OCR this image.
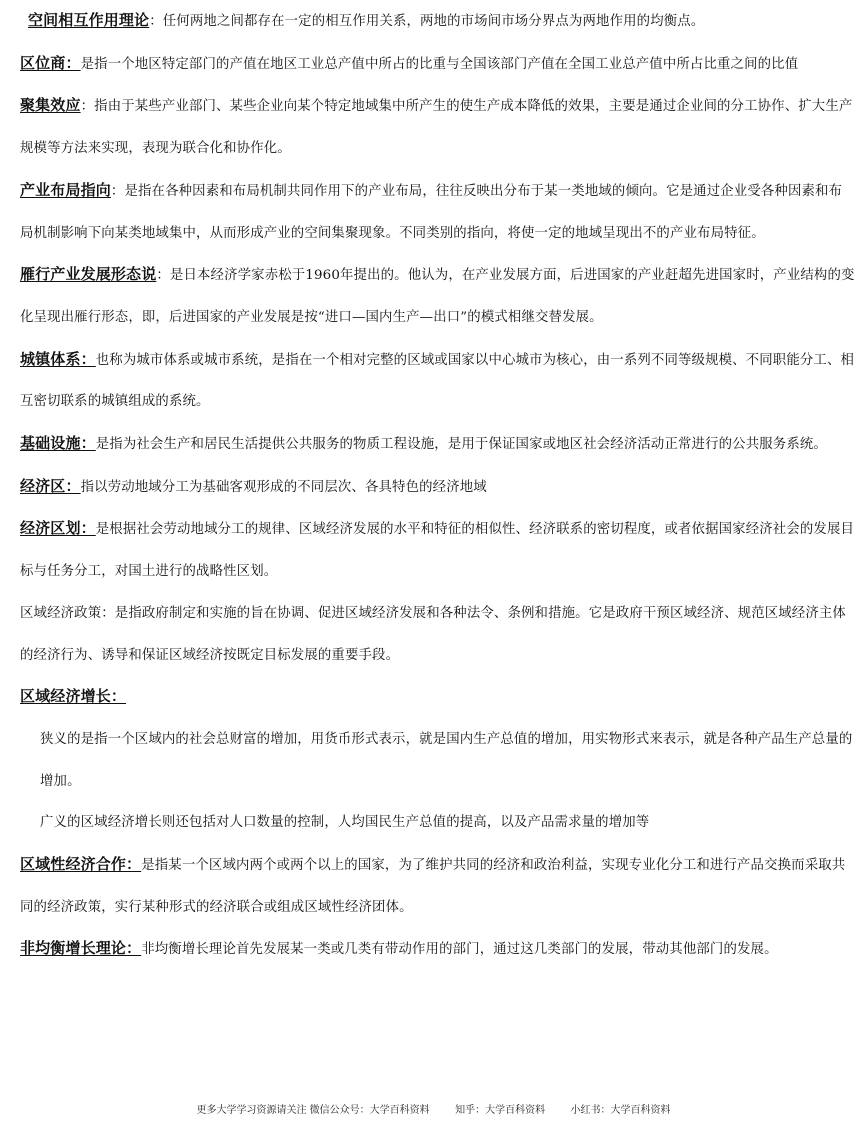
空间相互作用理论：任何两地之间都存在一定的相互作用关系，两地的市场间市场分界点为两地作用的均衡点。

区位商：是指一个地区特定部门的产值在地区工业总产值中所占的比重与全国该部门产值在全国工业总产值中所占比重之间的比值

聚集效应：指由于某些产业部门、某些企业向某个特定地域集中所产生的使生产成本降低的效果，主要是通过企业间的分工协作、扩大生产规模等方法来实现，表现为联合化和协作化。

产业布局指向：是指在各种因素和布局机制共同作用下的产业布局，往往反映出分布于某一类地域的倾向。它是通过企业受各种因素和布局机制影响下向某类地域集中，从而形成产业的空间集聚现象。不同类别的指向，将使一定的地域呈现出不的产业布局特征。

雁行产业发展形态说：是日本经济学家赤松于1960年提出的。他认为，在产业发展方面，后进国家的产业赶超先进国家时，产业结构的变化呈现出雁行形态，即，后进国家的产业发展是按“进口—国内生产—出口”的模式相继交替发展。

城镇体系：也称为城市体系或城市系统，是指在一个相对完整的区域或国家以中心城市为核心，由一系列不同等级规模、不同职能分工、相互密切联系的城镇组成的系统。

基础设施：是指为社会生产和居民生活提供公共服务的物质工程设施，是用于保证国家或地区社会经济活动正常进行的公共服务系统。

经济区：指以劳动地域分工为基础客观形成的不同层次、各具特色的经济地域

经济区划：是根据社会劳动地域分工的规律、区域经济发展的水平和特征的相似性、经济联系的密切程度，或者依据国家经济社会的发展目标与任务分工，对国土进行的战略性区划。

区域经济政策：是指政府制定和实施的旨在协调、促进区域经济发展和各种法令、条例和措施。它是政府干预区域经济、规范区域经济主体的经济行为、诱导和保证区域经济按既定目标发展的重要手段。

区域经济增长：

狭义的是指一个区域内的社会总财富的增加，用货币形式表示，就是国内生产总值的增加，用实物形式来表示，就是各种产品生产总量的增加。

广义的区域经济增长则还包括对人口数量的控制，人均国民生产总值的提高，以及产品需求量的增加等

区域性经济合作：是指某一个区域内两个或两个以上的国家，为了维护共同的经济和政治利益，实现专业化分工和进行产品交换而采取共同的经济政策，实行某种形式的经济联合或组成区域性经济团体。

非均衡增长理论：非均衡增长理论首先发展某一类或几类有带动作用的部门，通过这几类部门的发展，带动其他部门的发展。

更多大学学习资源请关注 微信公众号：大学百科资料        知乎：大学百科资料        小红书：大学百科资料
